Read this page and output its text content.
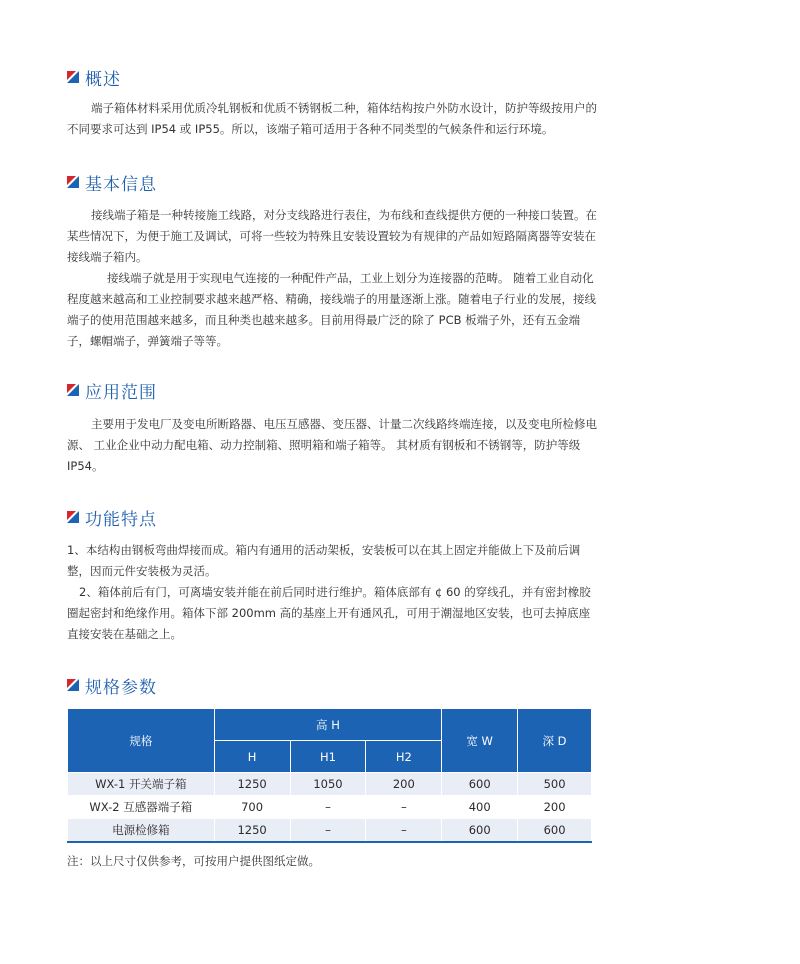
概述

端子箱体材料采用优质冷轧钢板和优质不锈钢板二种，箱体结构按户外防水设计，防护等级按用户的不同要求可达到 IP54 或 IP55。所以，该端子箱可适用于各种不同类型的气候条件和运行环境。

基本信息

接线端子箱是一种转接施工线路，对分支线路进行表住，为布线和查线提供方便的一种接口装置。在某些情况下，为便于施工及调试，可将一些较为特殊且安装设置较为有规律的产品如短路隔离器等安装在接线端子箱内。

接线端子就是用于实现电气连接的一种配件产品，工业上划分为连接器的范畴。 随着工业自动化程度越来越高和工业控制要求越来越严格、精确，接线端子的用量逐渐上涨。随着电子行业的发展，接线端子的使用范围越来越多，而且种类也越来越多。目前用得最广泛的除了 PCB 板端子外，还有五金端子，螺帽端子，弹簧端子等等。

应用范围

主要用于发电厂及变电所断路器、电压互感器、变压器、计量二次线路终端连接，以及变电所检修电源、 工业企业中动力配电箱、动力控制箱、照明箱和端子箱等。 其材质有钢板和不锈钢等，防护等级 IP54。

功能特点

1、本结构由钢板弯曲焊接而成。箱内有通用的活动架板，安装板可以在其上固定并能做上下及前后调整，因而元件安装极为灵活。

2、箱体前后有门，可离墙安装并能在前后同时进行维护。箱体底部有 ¢ 60 的穿线孔，并有密封橡胶圈起密封和绝缘作用。箱体下部 200mm 高的基座上开有通风孔，可用于潮湿地区安装，也可去掉底座直接安装在基础之上。

规格参数
规格	高 H			宽 W	深 D
	H	H1	H2		
WX-1 开关端子箱	1250	1050	200	600	500
WX-2 互感器端子箱	700	–	–	400	200
电源检修箱	1250	–	–	600	600
注：以上尺寸仅供参考，可按用户提供图纸定做。
